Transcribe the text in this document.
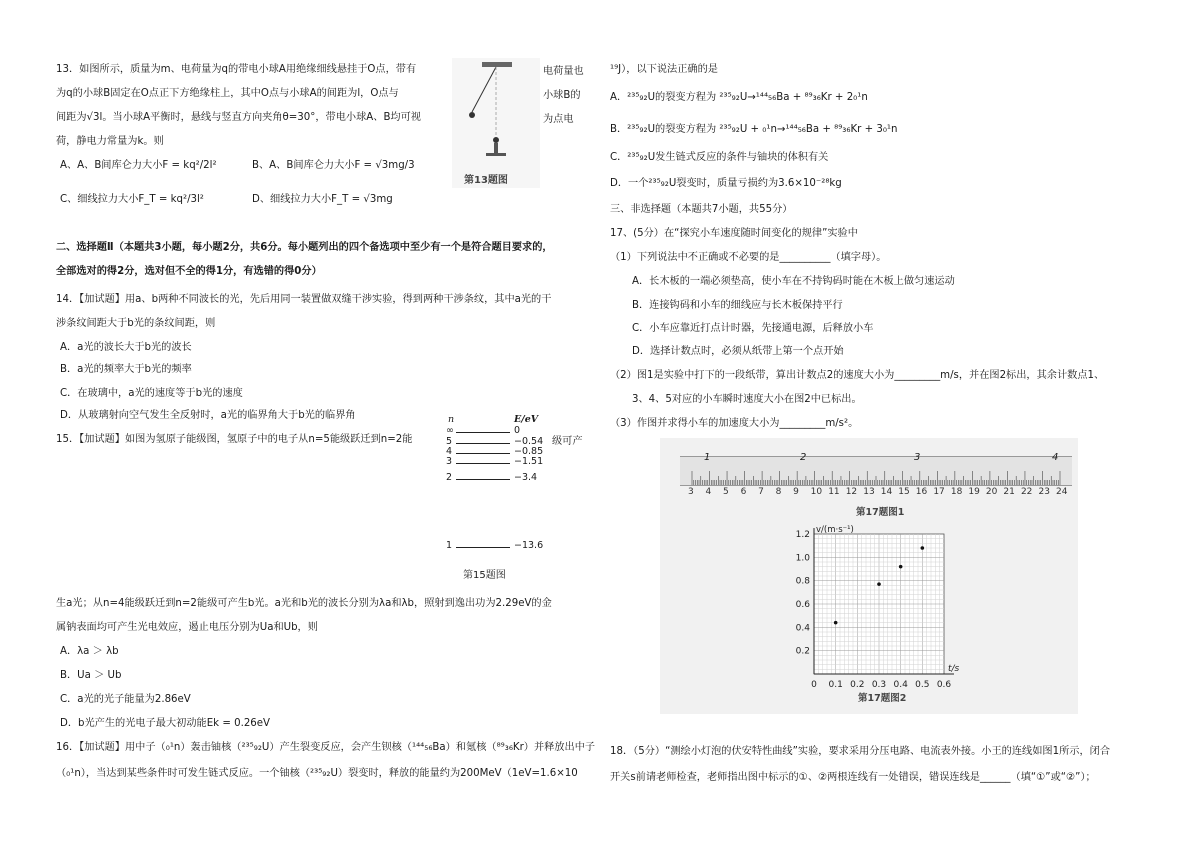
13．如图所示，质量为m、电荷量为q的带电小球A用绝缘细线悬挂于O点，带有
为q的小球B固定在O点正下方绝缘柱上，其中O点与小球A的间距为l，O点与
间距为√3l。当小球A平衡时，悬线与竖直方向夹角θ=30°，带电小球A、B均可视
荷，静电力常量为k。则
A、A、B间库仑力大小F = kq²/2l²	B、A、B间库仑力大小F = √3mg/3
C、细线拉力大小F_T = kq²/3l²	D、细线拉力大小F_T = √3mg
二、选择题Ⅱ（本题共3小题，每小题2分，共6分。每小题列出的四个备选项中至少有一个是符合题目要求的，
全部选对的得2分，选对但不全的得1分，有选错的得0分）
14．【加试题】用a、b两种不同波长的光，先后用同一装置做双缝干涉实验，得到两种干涉条纹，其中a光的干
涉条纹间距大于b光的条纹间距，则
A．a光的波长大于b光的波长
B．a光的频率大于b光的频率
C．在玻璃中，a光的速度等于b光的速度
D．从玻璃射向空气发生全反射时，a光的临界角大于b光的临界角
15．【加试题】如图为氢原子能级图，氢原子中的电子从n=5能级跃迁到n=2能
生a光；从n=4能级跃迁到n=2能级可产生b光。a光和b光的波长分别为λa和λb，照射到逸出功为2.29eV的金
属钠表面均可产生光电效应，遏止电压分别为Ua和Ub，则
A．λa ＞ λb
B．Ua ＞ Ub
C．a光的光子能量为2.86eV
D．b光产生的光电子最大初动能Ek = 0.26eV
16．【加试题】用中子（₀¹n）轰击铀核（²³⁵₉₂U）产生裂变反应，会产生钡核（¹⁴⁴₅₆Ba）和氪核（⁸⁹₃₆Kr）并释放出中子
（₀¹n），当达到某些条件时可发生链式反应。一个铀核（²³⁵₉₂U）裂变时，释放的能量约为200MeV（1eV=1.6×10
电荷量也
小球B的
为点电
第13题图
级可产
n	E/eV
∞	0
5	−0.54
4	−0.85
3	−1.51
2	−3.4
1	−13.6
第15题图
¹⁹J），以下说法正确的是
A．²³⁵₉₂U的裂变方程为 ²³⁵₉₂U→¹⁴⁴₅₆Ba + ⁸⁹₃₆Kr + 2₀¹n
B．²³⁵₉₂U的裂变方程为 ²³⁵₉₂U + ₀¹n→¹⁴⁴₅₆Ba + ⁸⁹₃₆Kr + 3₀¹n
C．²³⁵₉₂U发生链式反应的条件与铀块的体积有关
D．一个²³⁵₉₂U裂变时，质量亏损约为3.6×10⁻²⁸kg
三、非选择题（本题共7小题，共55分）
17、(5分）在“探究小车速度随时间变化的规律”实验中
（1）下列说法中不正确或不必要的是__________（填字母）。
A．长木板的一端必须垫高，使小车在不持钩码时能在木板上做匀速运动
B．连接钩码和小车的细线应与长木板保持平行
C．小车应靠近打点计时器，先接通电源，后释放小车
D．选择计数点时，必须从纸带上第一个点开始
（2）图1是实验中打下的一段纸带，算出计数点2的速度大小为_________m/s，并在图2标出，其余计数点1、
3、4、5对应的小车瞬时速度大小在图2中已标出。
（3）作图并求得小车的加速度大小为_________m/s²。
18．（5分）“测绘小灯泡的伏安特性曲线”实验，要求采用分压电路、电流表外接。小王的连线如图1所示，闭合
开关s前请老师检查，老师指出图中标示的①、②两根连线有一处错误，错误连线是______（填“①”或“②”）；
1	2	3	4
3 4 5 6 7 8 9 10 11 12 13 14 15 16 17 18 19 20 21 22 23 24
第17题图1
0 0.1 0.2 0.3 0.4 0.5 0.6
0.2
0.4
0.6
0.8
1.0
1.2 v/(m·s⁻¹)
t/s
第17题图2
